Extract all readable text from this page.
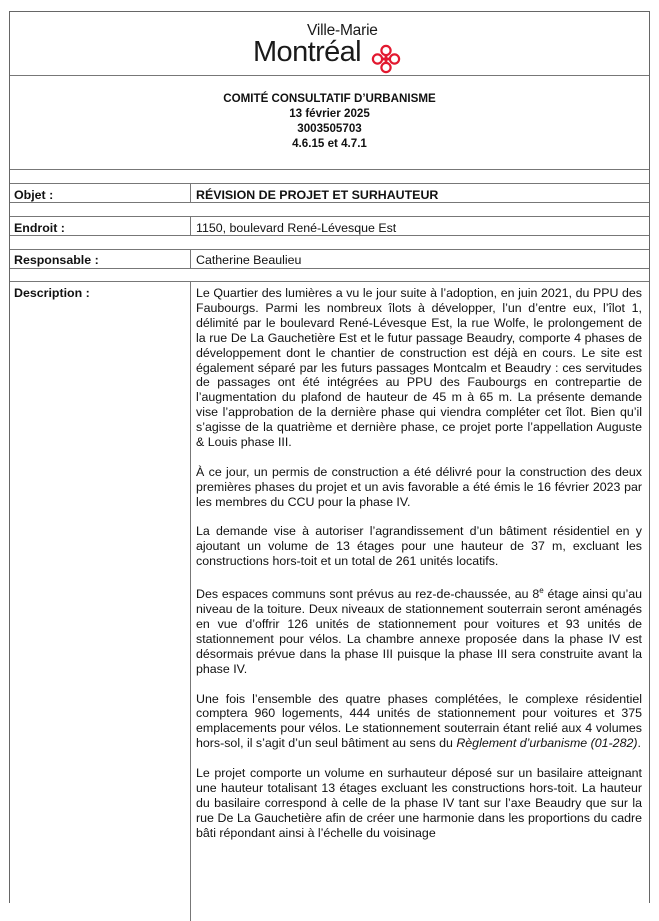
Ville-Marie
Montréal
COMITÉ CONSULTATIF D’URBANISME
13 février 2025
3003505703
4.6.15 et 4.7.1
Objet :	RÉVISION DE PROJET ET SURHAUTEUR
Endroit :	1150, boulevard René-Lévesque Est
Responsable :	Catherine Beaulieu
Description :	Le Quartier des lumières a vu le jour suite à l’adoption, en juin 2021, du PPU des Faubourgs. Parmi les nombreux îlots à développer, l’un d’entre eux, l’îlot 1, délimité par le boulevard René-Lévesque Est, la rue Wolfe, le prolongement de la rue De La Gauchetière Est et le futur passage Beaudry, comporte 4 phases de développement dont le chantier de construction est déjà en cours. Le site est également séparé par les futurs passages Montcalm et Beaudry : ces servitudes de passages ont été intégrées au PPU des Faubourgs en contrepartie de l’augmentation du plafond de hauteur de 45 m à 65 m. La présente demande vise l’approbation de la dernière phase qui viendra compléter cet îlot. Bien qu’il s’agisse de la quatrième et dernière phase, ce projet porte l’appellation Auguste & Louis phase III.

À ce jour, un permis de construction a été délivré pour la construction des deux premières phases du projet et un avis favorable a été émis le 16 février 2023 par les membres du CCU pour la phase IV.

La demande vise à autoriser l’agrandissement d’un bâtiment résidentiel en y ajoutant un volume de 13 étages pour une hauteur de 37 m, excluant les constructions hors-toit et un total de 261 unités locatifs.

Des espaces communs sont prévus au rez-de-chaussée, au 8e étage ainsi qu’au niveau de la toiture. Deux niveaux de stationnement souterrain seront aménagés en vue d’offrir 126 unités de stationnement pour voitures et 93 unités de stationnement pour vélos. La chambre annexe proposée dans la phase IV est désormais prévue dans la phase III puisque la phase III sera construite avant la phase IV.

Une fois l’ensemble des quatre phases complétées, le complexe résidentiel comptera 960 logements, 444 unités de stationnement pour voitures et 375 emplacements pour vélos. Le stationnement souterrain étant relié aux 4 volumes hors-sol, il s’agit d’un seul bâtiment au sens du Règlement d’urbanisme (01-282).

Le projet comporte un volume en surhauteur déposé sur un basilaire atteignant une hauteur totalisant 13 étages excluant les constructions hors-toit. La hauteur du basilaire correspond à celle de la phase IV tant sur l’axe Beaudry que sur la rue De La Gauchetière afin de créer une harmonie dans les proportions du cadre bâti répondant ainsi à l’échelle du voisinage
